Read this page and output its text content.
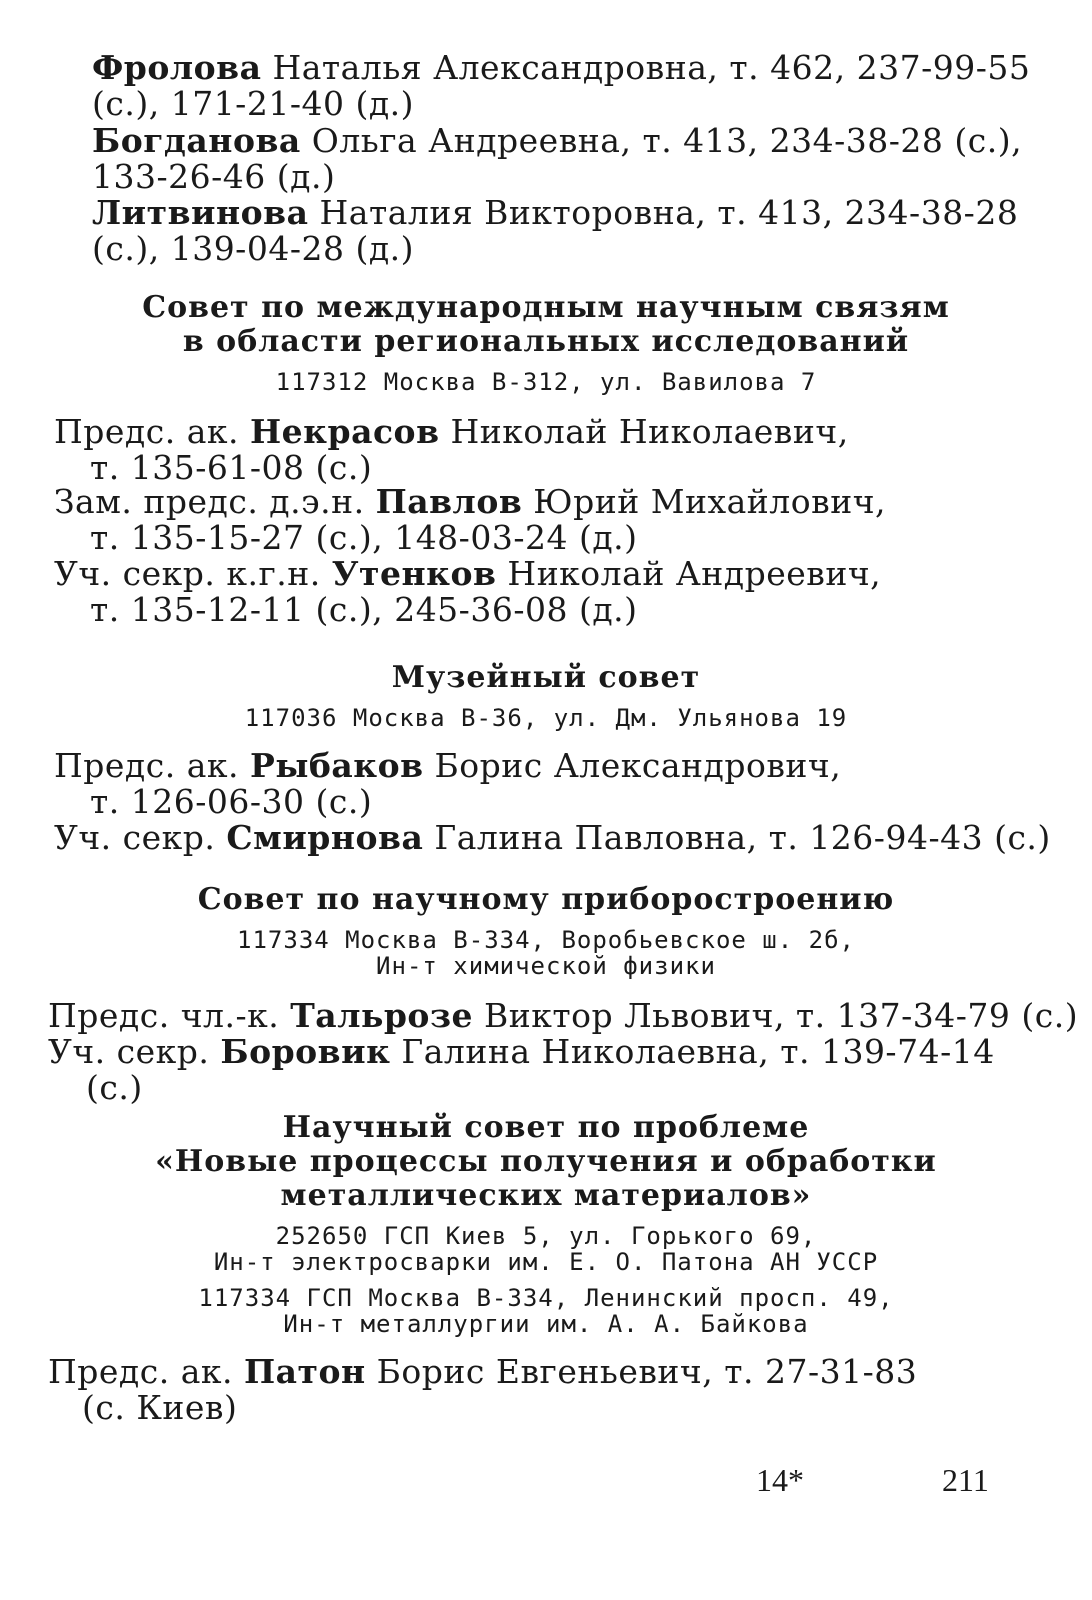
Фролова Наталья Александровна, т. 462, 237-99-55
(с.), 171-21-40 (д.)
Богданова Ольга Андреевна, т. 413, 234-38-28 (с.),
133-26-46 (д.)
Литвинова Наталия Викторовна, т. 413, 234-38-28
(с.), 139-04-28 (д.)
Совет по международным научным связям
в области региональных исследований
117312 Москва В-312, ул. Вавилова 7
Предс. ак. Некрасов Николай Николаевич,
т. 135-61-08 (с.)
Зам. предс. д.э.н. Павлов Юрий Михайлович,
т. 135-15-27 (с.), 148-03-24 (д.)
Уч. секр. к.г.н. Утенков Николай Андреевич,
т. 135-12-11 (с.), 245-36-08 (д.)
Музейный совет
117036 Москва В-36, ул. Дм. Ульянова 19
Предс. ак. Рыбаков Борис Александрович,
т. 126-06-30 (с.)
Уч. секр. Смирнова Галина Павловна, т. 126-94-43 (с.)
Совет по научному приборостроению
117334 Москва В-334, Воробьевское ш. 2б,
Ин-т химической физики
Предс. чл.-к. Тальрозе Виктор Львович, т. 137-34-79 (с.)
Уч. секр. Боровик Галина Николаевна, т. 139-74-14
(с.)
Научный совет по проблеме
«Новые процессы получения и обработки
металлических материалов»
252650 ГСП Киев 5, ул. Горького 69,
Ин-т электросварки им. Е. О. Патона АН УССР
117334 ГСП Москва В-334, Ленинский просп. 49,
Ин-т металлургии им. А. А. Байкова
Предс. ак. Патон Борис Евгеньевич, т. 27-31-83
(с. Киев)
14*	211
